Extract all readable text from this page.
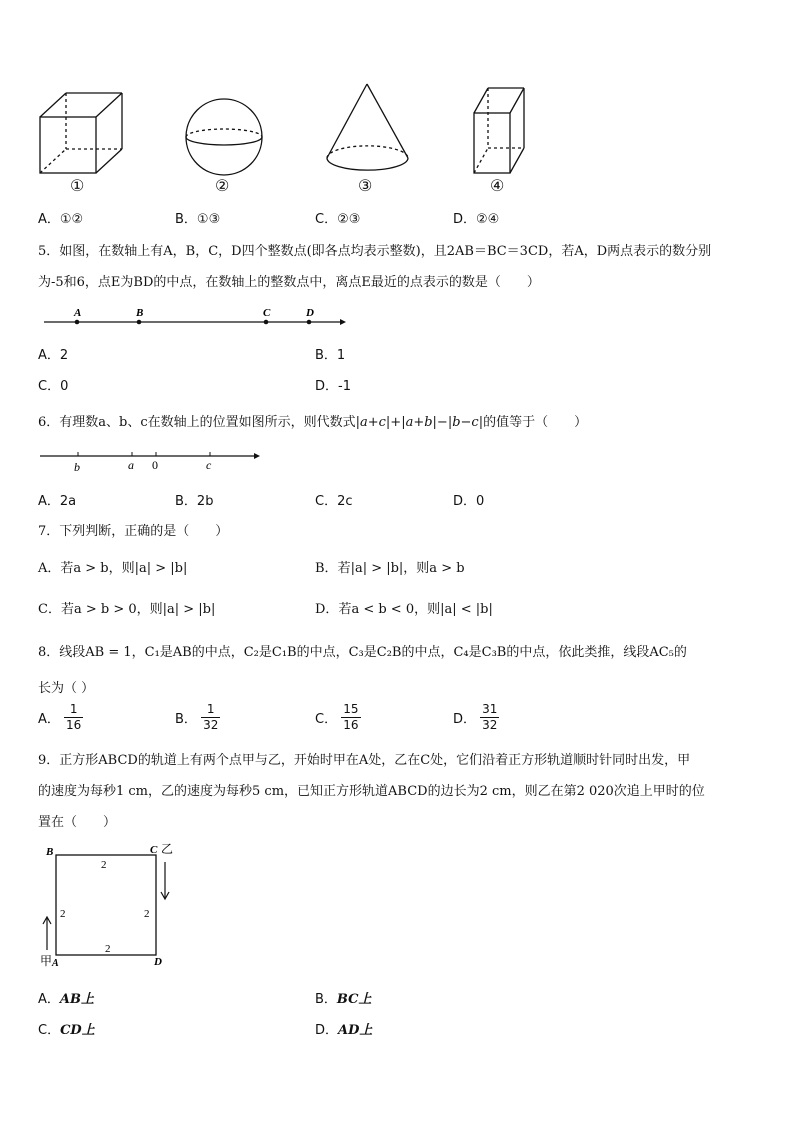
①	②	③	④
A．①②	B．①③	C．②③	D．②④
5．如图，在数轴上有A，B，C，D四个整数点(即各点均表示整数)，且2AB＝BC＝3CD，若A，D两点表示的数分别
为-5和6，点E为BD的中点，在数轴上的整数点中，离点E最近的点表示的数是（　　）
A	B	C	D
A．2	B．1
C．0	D．-1
6．有理数a、b、c在数轴上的位置如图所示，则代数式|a+c|+|a+b|−|b−c|的值等于（　　）
b	a 0	c
A．2a	B．2b	C．2c	D．0
7．下列判断，正确的是（　　）
A．若a > b，则|a| > |b|	B．若|a| > |b|，则a > b
C．若a > b > 0，则|a| > |b|	D．若a < b < 0，则|a| < |b|
8．线段AB = 1，C₁是AB的中点，C₂是C₁B的中点，C₃是C₂B的中点，C₄是C₃B的中点，依此类推，线段AC₅的
长为（ ）
A． $\frac{1}{16}$	B． $\frac{1}{32}$	C． $\frac{15}{16}$	D． $\frac{31}{32}$
9．正方形ABCD的轨道上有两个点甲与乙，开始时甲在A处，乙在C处，它们沿着正方形轨道顺时针同时出发，甲
的速度为每秒1 cm，乙的速度为每秒5 cm，已知正方形轨道ABCD的边长为2 cm，则乙在第2 020次追上甲时的位
置在（　　）
B	C 乙
甲 A	D
2
2	2
2
A．AB上	B．BC上
C．CD上	D．AD上
